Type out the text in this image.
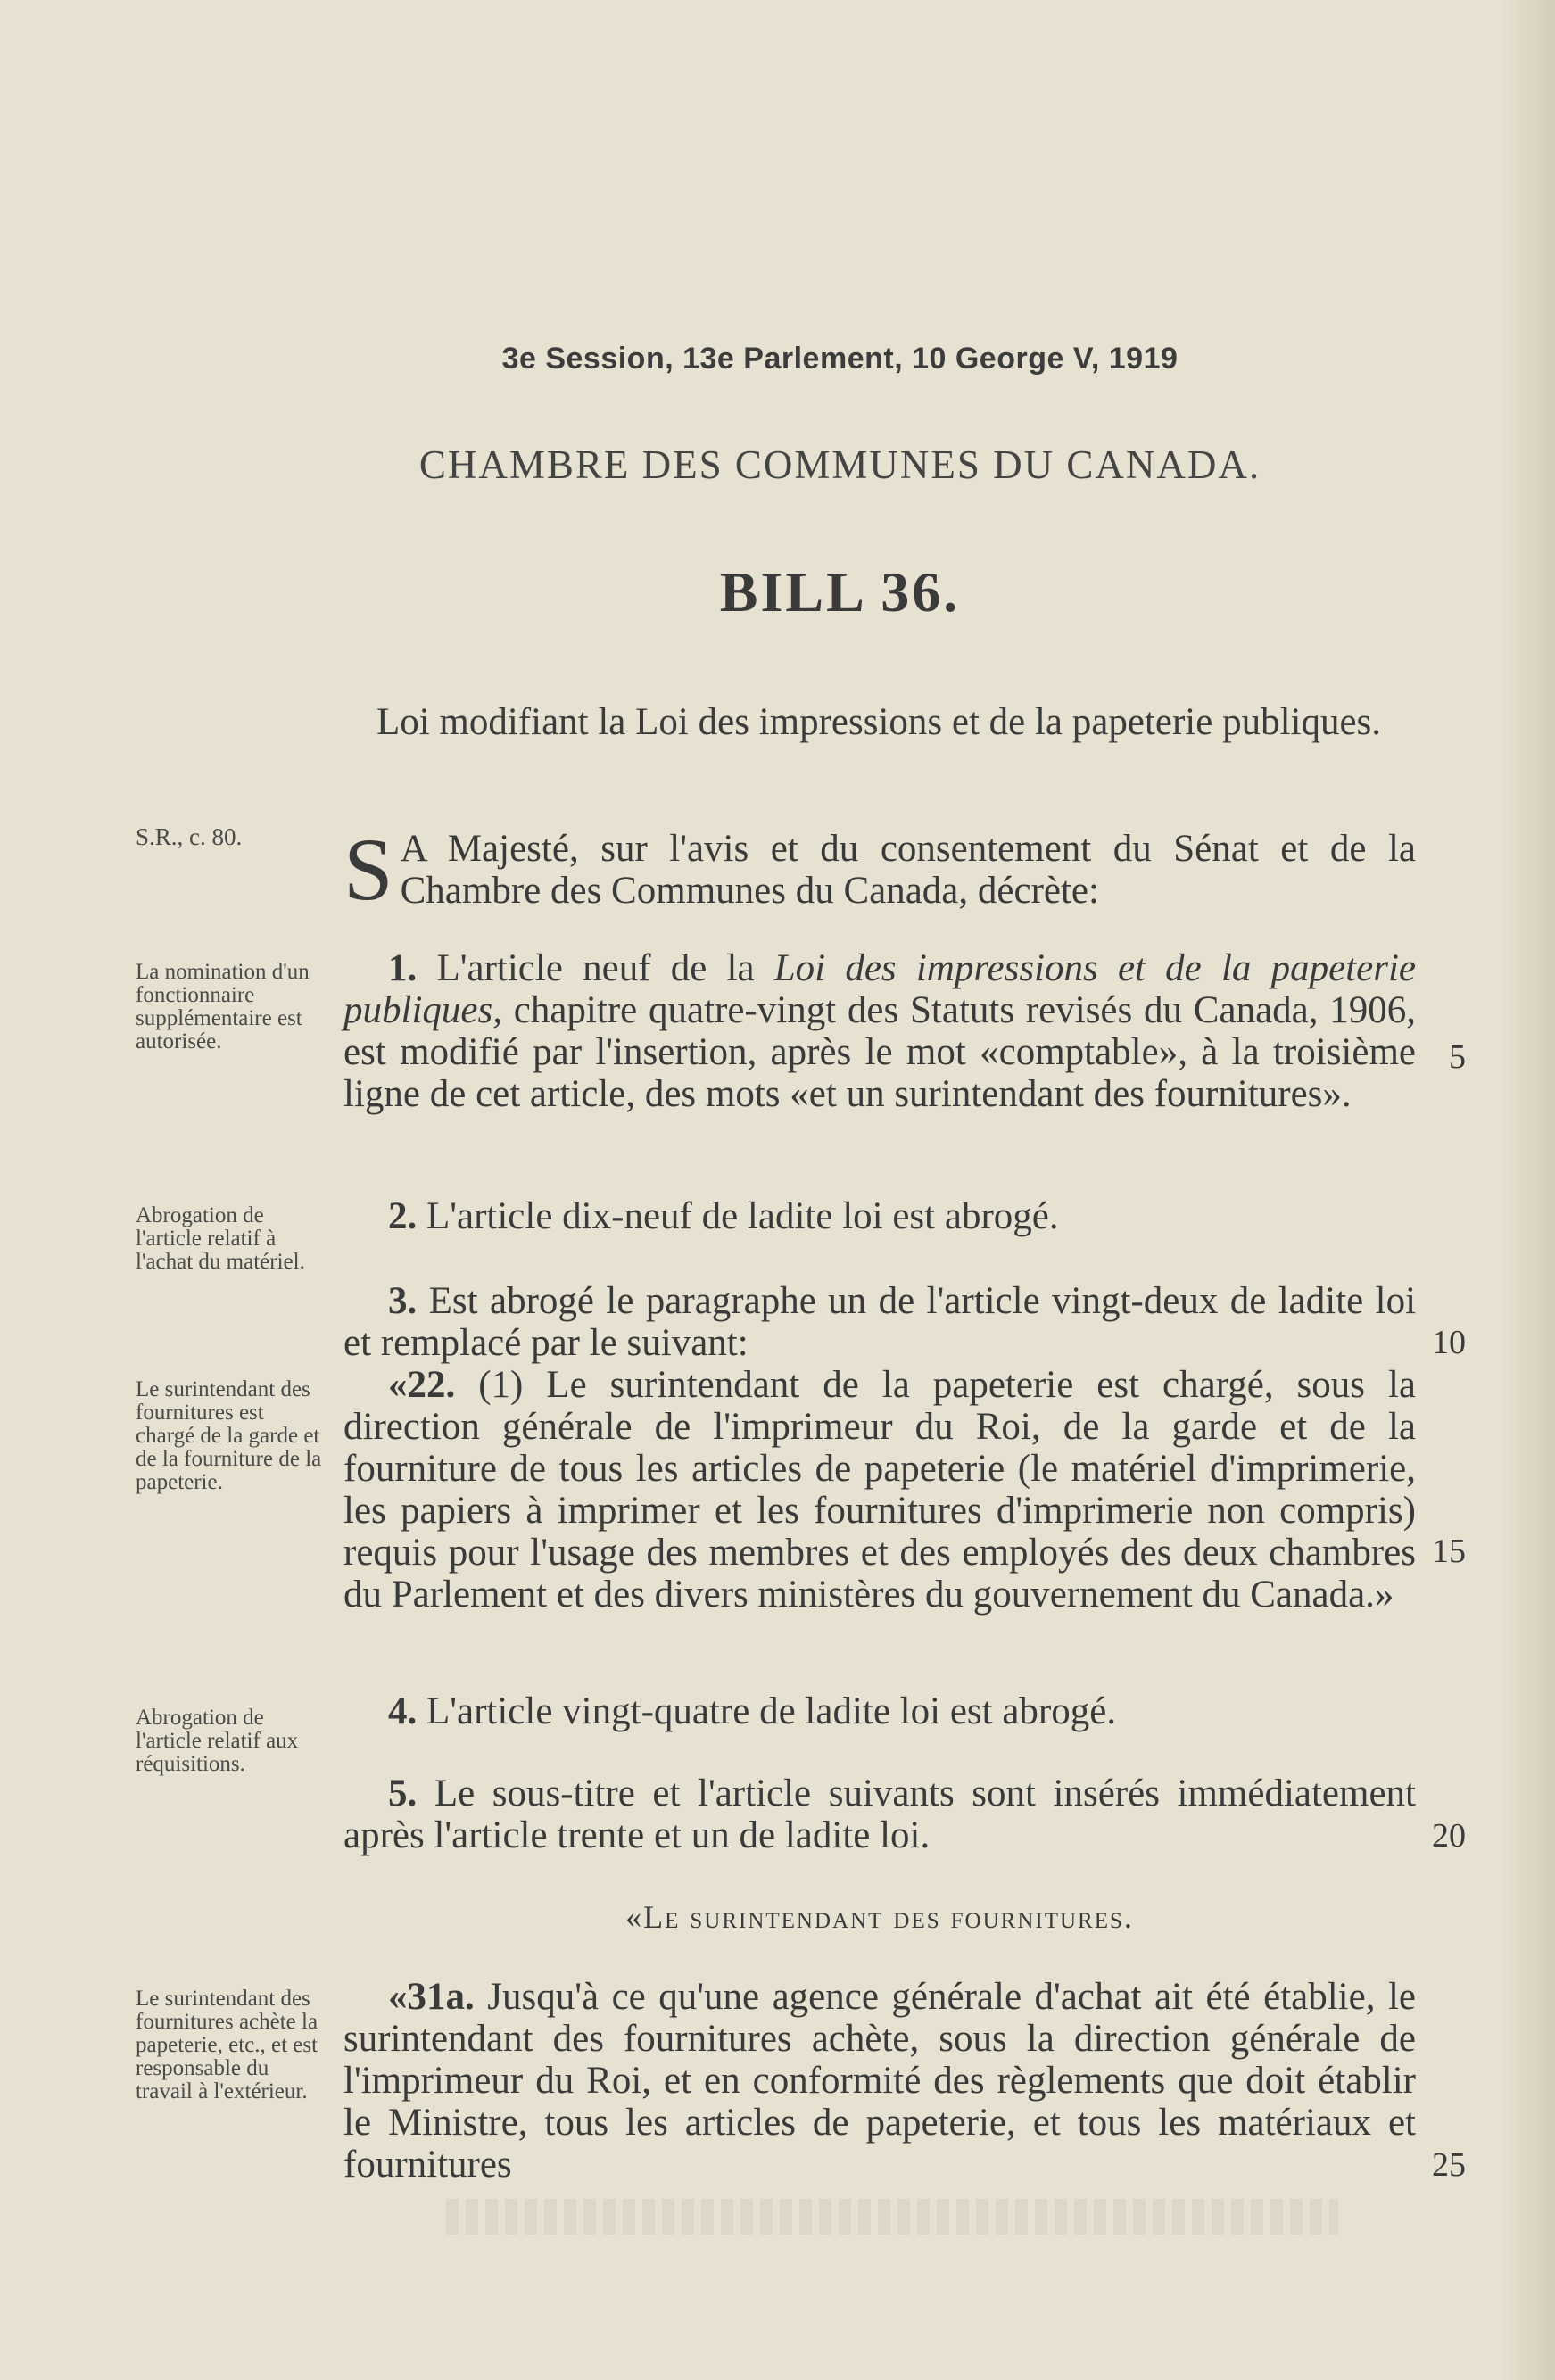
3e Session, 13e Parlement, 10 George V, 1919
CHAMBRE DES COMMUNES DU CANADA.
BILL 36.
Loi modifiant la Loi des impressions et de la papeterie publiques.
S.R., c. 80.
La nomination d'un fonctionnaire supplémentaire est autorisée.
Abrogation de l'article relatif à l'achat du matériel.
Le surintendant des fournitures est chargé de la garde et de la fourniture de la papeterie.
Abrogation de l'article relatif aux réquisitions.
Le surintendant des fournitures achète la papeterie, etc., et est responsable du travail à l'extérieur.
S A Majesté, sur l'avis et du consentement du Sénat et de la Chambre des Communes du Canada, décrète:
1. L'article neuf de la Loi des impressions et de la papeterie publiques, chapitre quatre-vingt des Statuts revisés du Canada, 1906, est modifié par l'insertion, après le mot «comptable», à la troisième ligne de cet article, des mots «et un surintendant des fournitures».
2. L'article dix-neuf de ladite loi est abrogé.

3. Est abrogé le paragraphe un de l'article vingt-deux de ladite loi et remplacé par le suivant:

«22. (1) Le surintendant de la papeterie est chargé, sous la direction générale de l'imprimeur du Roi, de la garde et de la fourniture de tous les articles de papeterie (le matériel d'imprimerie, les papiers à imprimer et les fournitures d'imprimerie non compris) requis pour l'usage des membres et des employés des deux chambres du Parlement et des divers ministères du gouvernement du Canada.»

4. L'article vingt-quatre de ladite loi est abrogé.
5. Le sous-titre et l'article suivants sont insérés immédiatement après l'article trente et un de ladite loi.
«Le surintendant des fournitures.
«31a. Jusqu'à ce qu'une agence générale d'achat ait été établie, le surintendant des fournitures achète, sous la direction générale de l'imprimeur du Roi, et en conformité des règlements que doit établir le Ministre, tous les articles de papeterie, et tous les matériaux et fournitures
5
10
15
20
25
